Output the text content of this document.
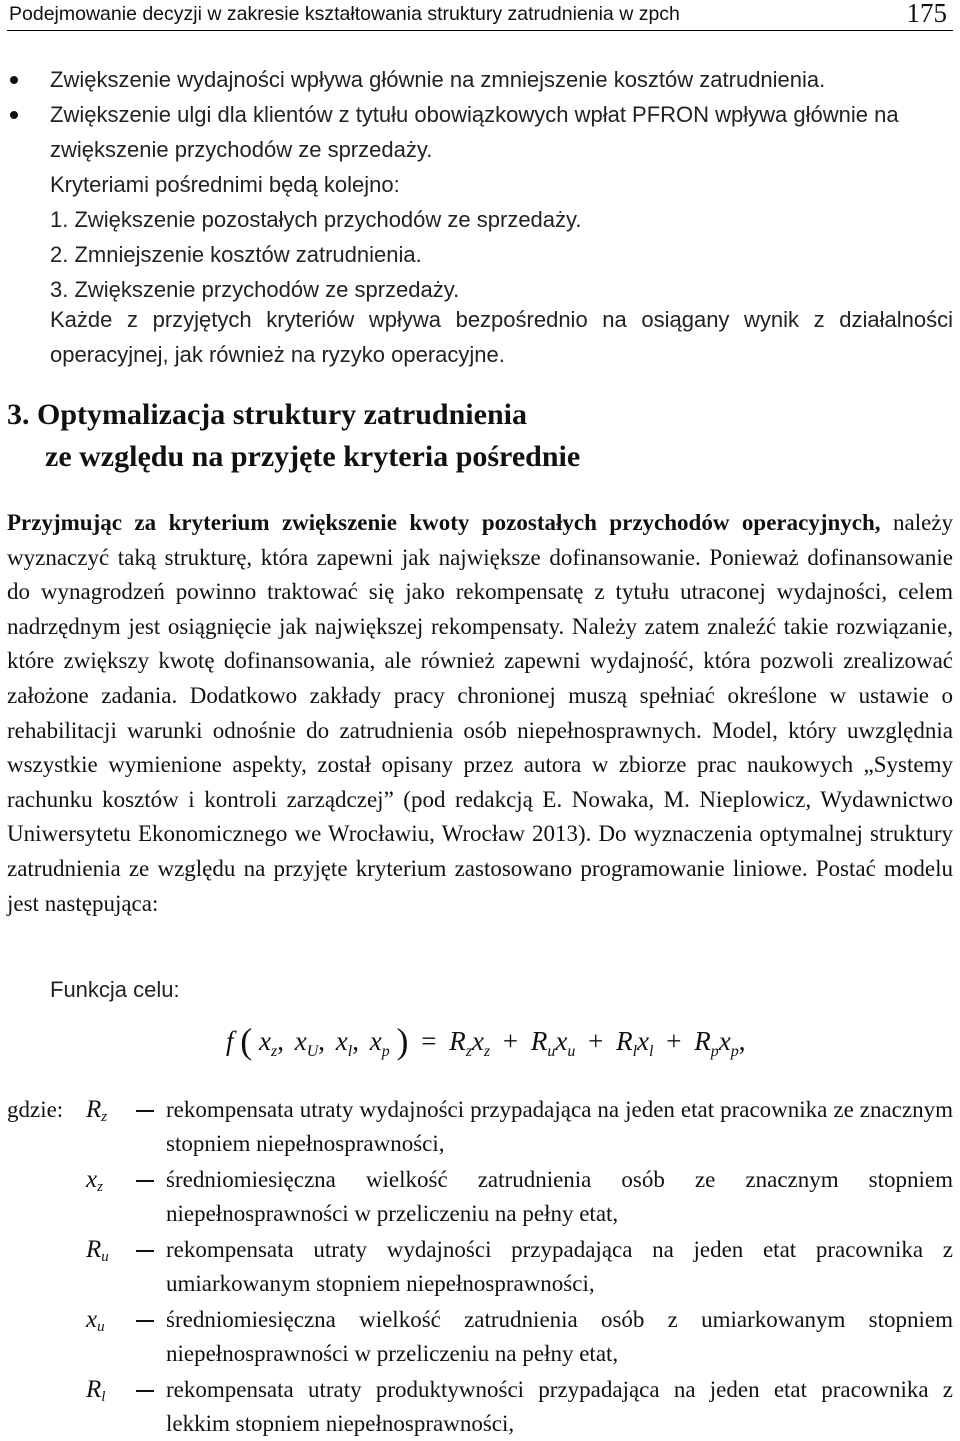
Podejmowanie decyzji w zakresie kształtowania struktury zatrudnienia w zpch	175
Zwiększenie wydajności wpływa głównie na zmniejszenie kosztów zatrudnienia.
Zwiększenie ulgi dla klientów z tytułu obowiązkowych wpłat PFRON wpływa głównie na zwiększenie przychodów ze sprzedaży.

Kryteriami pośrednimi będą kolejno:

1. Zwiększenie pozostałych przychodów ze sprzedaży.

2. Zmniejszenie kosztów zatrudnienia.

3. Zwiększenie przychodów ze sprzedaży.

Każde z przyjętych kryteriów wpływa bezpośrednio na osiągany wynik z działalności operacyjnej, jak również na ryzyko operacyjne.

3. Optymalizacja struktury zatrudnienia
ze względu na przyjęte kryteria pośrednie

Przyjmując za kryterium zwiększenie kwoty pozostałych przychodów operacyjnych, należy wyznaczyć taką strukturę, która zapewni jak największe dofinansowanie. Ponieważ dofinansowanie do wynagrodzeń powinno traktować się jako rekompensatę z tytułu utraconej wydajności, celem nadrzędnym jest osiągnięcie jak największej rekompensaty. Należy zatem znaleźć takie rozwiązanie, które zwiększy kwotę dofinansowania, ale również zapewni wydajność, która pozwoli zrealizować założone zadania. Dodatkowo zakłady pracy chronionej muszą spełniać określone w ustawie o rehabilitacji warunki odnośnie do zatrudnienia osób niepełnosprawnych. Model, który uwzględnia wszystkie wymienione aspekty, został opisany przez autora w zbiorze prac naukowych „Systemy rachunku kosztów i kontroli zarządczej” (pod redakcją E. Nowaka, M. Nieplowicz, Wydawnictwo Uniwersytetu Ekonomicznego we Wrocławiu, Wrocław 2013). Do wyznaczenia optymalnej struktury zatrudnienia ze względu na przyjęte kryterium zastosowano programowanie liniowe. Postać modelu jest następująca:

Funkcja celu:
f ( $x_z$, $x_U$, $x_l$, $x_p$ ) = $R_zx_z + R_ux_u + R_lx_l + R_px_p$,
gdzie: $R_z$	rekompensata utraty wydajności przypadająca na jeden etat pracownika ze znacznym stopniem niepełnosprawności,
$x_z$	średniomiesięczna wielkość zatrudnienia osób ze znacznym stopniem niepełnosprawności w przeliczeniu na pełny etat,
$R_u$ rekompensata utraty wydajności przypadająca na jeden etat pracownika z umiarkowanym stopniem niepełnosprawności,
$x_u$	średniomiesięczna wielkość zatrudnienia osób z umiarkowanym stopniem niepełnosprawności w przeliczeniu na pełny etat,
$R_l$	rekompensata utraty produktywności przypadająca na jeden etat pracownika z lekkim stopniem niepełnosprawności,
